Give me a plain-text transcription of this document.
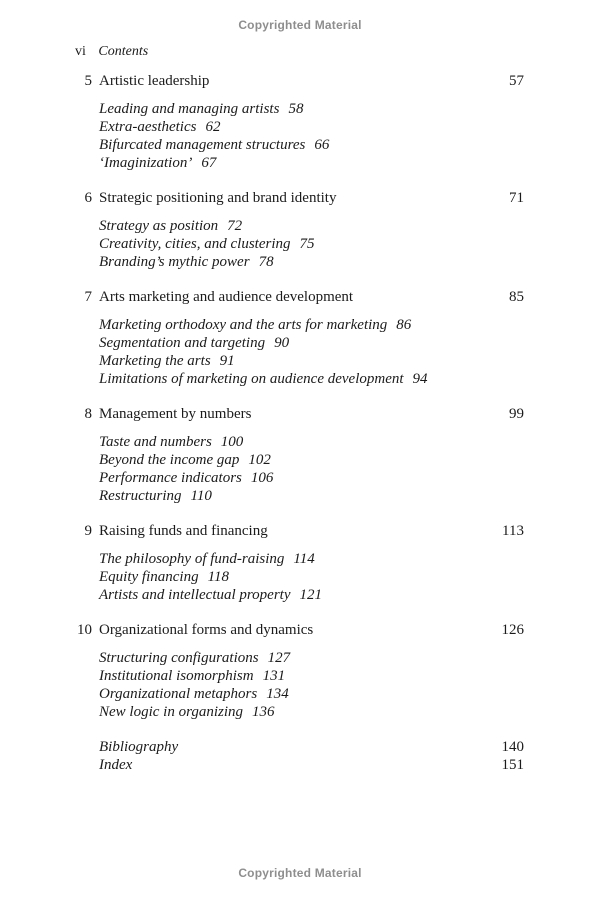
Copyrighted Material
vi Contents
5 Artistic leadership	57
Leading and managing artists 58
Extra-aesthetics 62
Bifurcated management structures 66
‘Imaginization’ 67
6 Strategic positioning and brand identity	71
Strategy as position 72
Creativity, cities, and clustering 75
Branding’s mythic power 78
7 Arts marketing and audience development	85
Marketing orthodoxy and the arts for marketing 86
Segmentation and targeting 90
Marketing the arts 91
Limitations of marketing on audience development 94
8 Management by numbers	99
Taste and numbers 100
Beyond the income gap 102
Performance indicators 106
Restructuring 110
9 Raising funds and financing	113
The philosophy of fund-raising 114
Equity financing 118
Artists and intellectual property 121
10 Organizational forms and dynamics	126
Structuring configurations 127
Institutional isomorphism 131
Organizational metaphors 134
New logic in organizing 136
Bibliography	140
Index	151
Copyrighted Material
